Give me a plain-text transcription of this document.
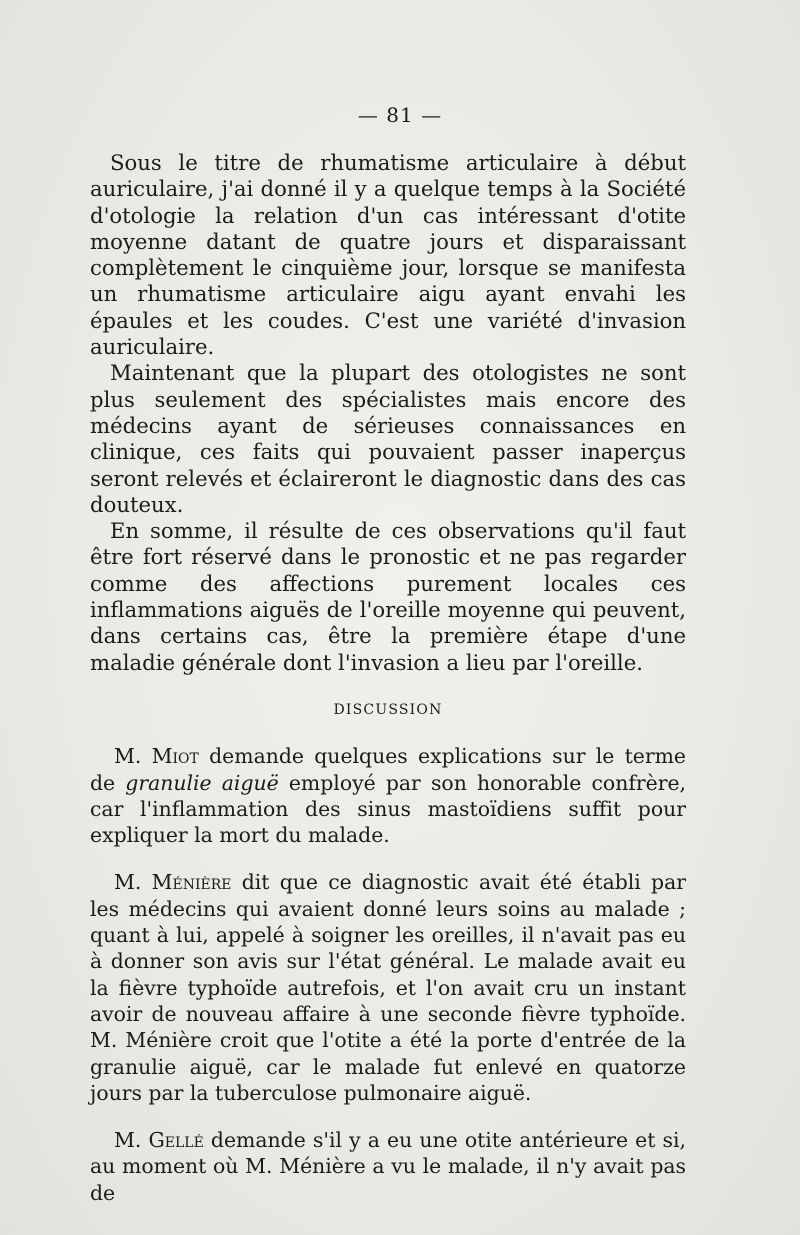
— 81 —

Sous le titre de rhumatisme articulaire à début auriculaire, j'ai donné il y a quelque temps à la Société d'otologie la relation d'un cas intéressant d'otite moyenne datant de quatre jours et disparaissant complètement le cinquième jour, lorsque se manifesta un rhumatisme articulaire aigu ayant envahi les épaules et les coudes. C'est une variété d'invasion auriculaire.

Maintenant que la plupart des otologistes ne sont plus seulement des spécialistes mais encore des médecins ayant de sérieuses connaissances en clinique, ces faits qui pouvaient passer inaperçus seront relevés et éclaireront le diagnostic dans des cas douteux.

En somme, il résulte de ces observations qu'il faut être fort réservé dans le pronostic et ne pas regarder comme des affections purement locales ces inflammations aiguës de l'oreille moyenne qui peuvent, dans certains cas, être la première étape d'une maladie générale dont l'invasion a lieu par l'oreille.

DISCUSSION

M. Miot demande quelques explications sur le terme de granulie aiguë employé par son honorable confrère, car l'inflammation des sinus mastoïdiens suffit pour expliquer la mort du malade.

M. Ménière dit que ce diagnostic avait été établi par les médecins qui avaient donné leurs soins au malade ; quant à lui, appelé à soigner les oreilles, il n'avait pas eu à donner son avis sur l'état général. Le malade avait eu la fièvre typhoïde autrefois, et l'on avait cru un instant avoir de nouveau affaire à une seconde fièvre typhoïde. M. Ménière croit que l'otite a été la porte d'entrée de la granulie aiguë, car le malade fut enlevé en quatorze jours par la tuberculose pulmonaire aiguë.

M. Gellé demande s'il y a eu une otite antérieure et si, au moment où M. Ménière a vu le malade, il n'y avait pas de
